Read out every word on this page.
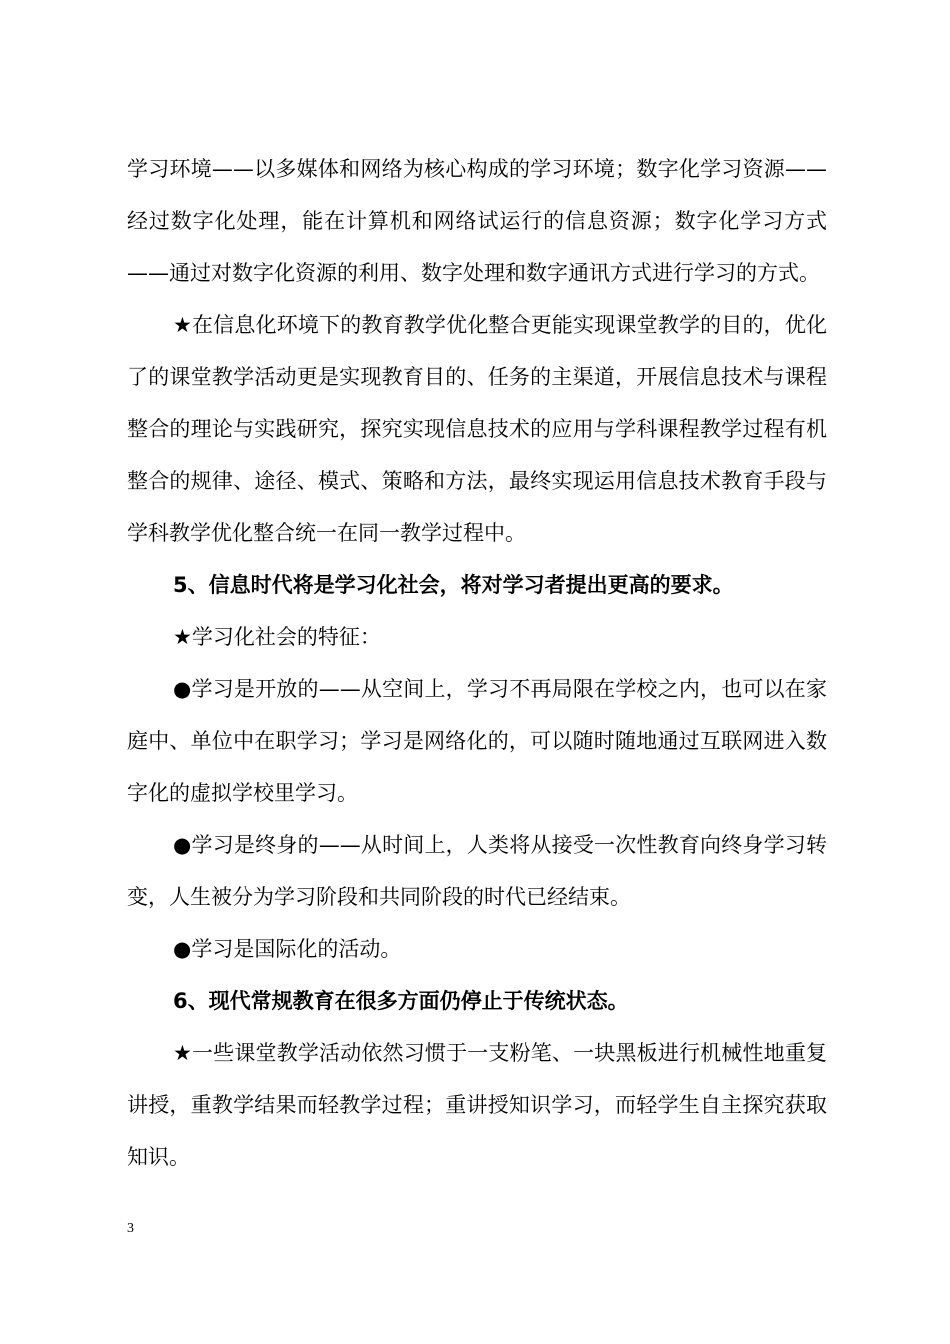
学习环境——以多媒体和网络为核心构成的学习环境；数字化学习资源——经过数字化处理，能在计算机和网络试运行的信息资源；数字化学习方式——通过对数字化资源的利用、数字处理和数字通讯方式进行学习的方式。

★在信息化环境下的教育教学优化整合更能实现课堂教学的目的，优化了的课堂教学活动更是实现教育目的、任务的主渠道，开展信息技术与课程整合的理论与实践研究，探究实现信息技术的应用与学科课程教学过程有机整合的规律、途径、模式、策略和方法，最终实现运用信息技术教育手段与学科教学优化整合统一在同一教学过程中。

5、信息时代将是学习化社会，将对学习者提出更高的要求。

★学习化社会的特征：

●学习是开放的——从空间上，学习不再局限在学校之内，也可以在家庭中、单位中在职学习；学习是网络化的，可以随时随地通过互联网进入数字化的虚拟学校里学习。

●学习是终身的——从时间上，人类将从接受一次性教育向终身学习转变，人生被分为学习阶段和共同阶段的时代已经结束。

●学习是国际化的活动。

6、现代常规教育在很多方面仍停止于传统状态。

★一些课堂教学活动依然习惯于一支粉笔、一块黑板进行机械性地重复讲授，重教学结果而轻教学过程；重讲授知识学习，而轻学生自主探究获取知识。

3
